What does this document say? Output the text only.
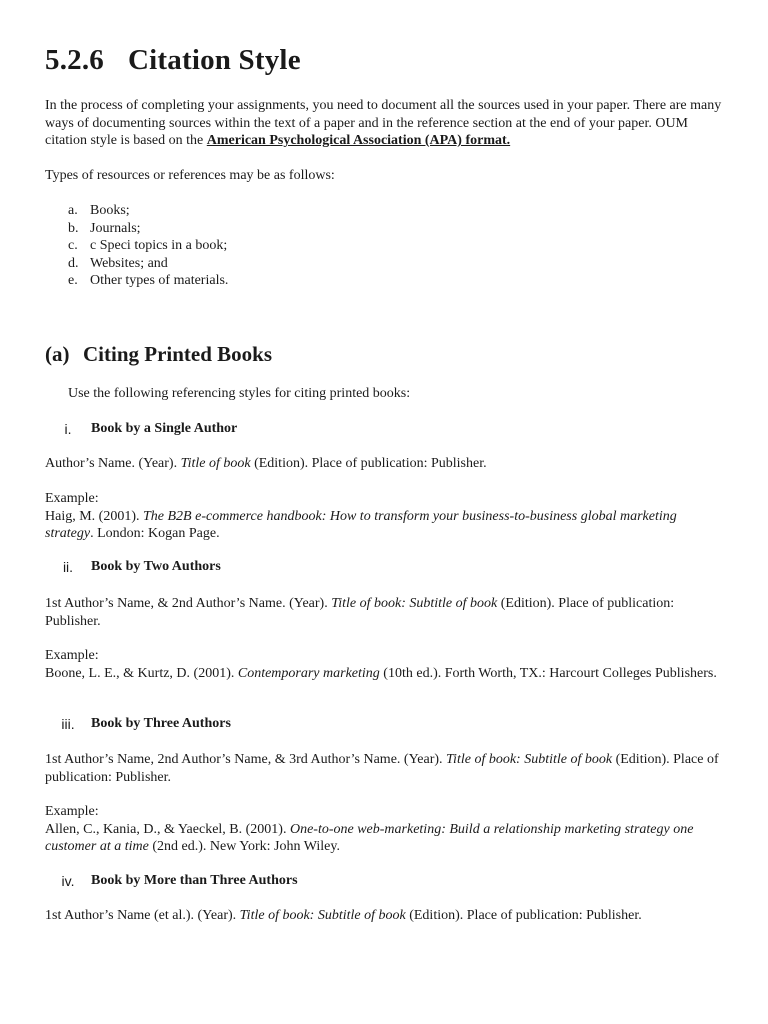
5.2.6 Citation Style

In the process of completing your assignments, you need to document all the sources used in your paper. There are many ways of documenting sources within the text of a paper and in the reference section at the end of your paper. OUM citation style is based on the American Psychological Association (APA) format.

Types of resources or references may be as follows:

a. Books;
b. Journals;
c. c Speci topics in a book;
d. Websites; and
e. Other types of materials.
(a) Citing Printed Books

Use the following referencing styles for citing printed books:

i.	Book by a Single Author

Author’s Name. (Year). Title of book (Edition). Place of publication: Publisher.

Example:
Haig, M. (2001). The B2B e-commerce handbook: How to transform your business-to-business global marketing strategy. London: Kogan Page.

ii.	Book by Two Authors

1st Author’s Name, & 2nd Author’s Name. (Year). Title of book: Subtitle of book (Edition). Place of publication: Publisher.

Example:
Boone, L. E., & Kurtz, D. (2001). Contemporary marketing (10th ed.). Forth Worth, TX.: Harcourt Colleges Publishers.

iii.	Book by Three Authors

1st Author’s Name, 2nd Author’s Name, & 3rd Author’s Name. (Year). Title of book: Subtitle of book (Edition). Place of publication: Publisher.

Example:
Allen, C., Kania, D., & Yaeckel, B. (2001). One-to-one web-marketing: Build a relationship marketing strategy one customer at a time (2nd ed.). New York: John Wiley.

iv.	Book by More than Three Authors

1st Author’s Name (et al.). (Year). Title of book: Subtitle of book (Edition). Place of publication: Publisher.
